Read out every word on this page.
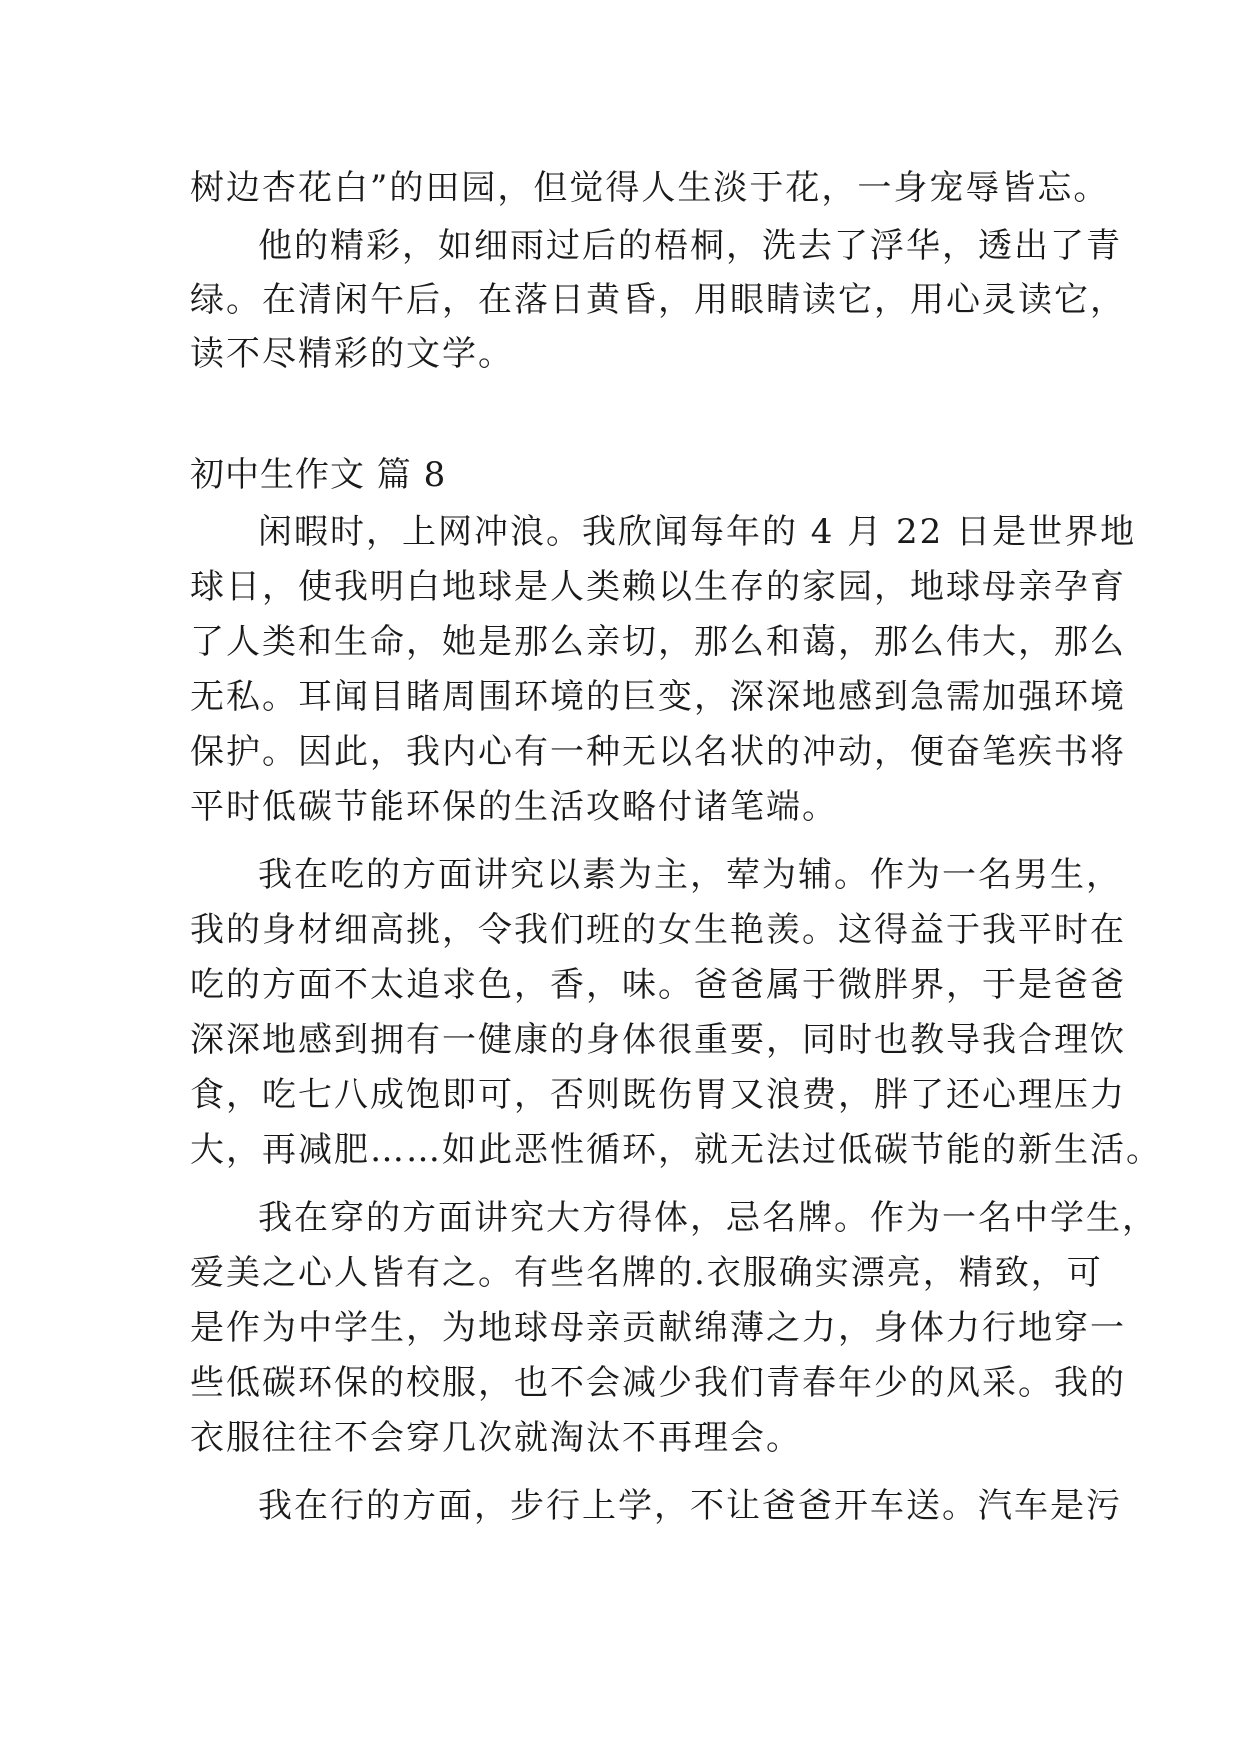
树边杏花白”的田园，但觉得人生淡于花，一身宠辱皆忘。
他的精彩，如细雨过后的梧桐，洗去了浮华，透出了青
绿。在清闲午后，在落日黄昏，用眼睛读它，用心灵读它，
读不尽精彩的文学。
初中生作文 篇 8
闲暇时，上网冲浪。我欣闻每年的 4 月 22 日是世界地
球日，使我明白地球是人类赖以生存的家园，地球母亲孕育
了人类和生命，她是那么亲切，那么和蔼，那么伟大，那么
无私。耳闻目睹周围环境的巨变，深深地感到急需加强环境
保护。因此，我内心有一种无以名状的冲动，便奋笔疾书将
平时低碳节能环保的生活攻略付诸笔端。
我在吃的方面讲究以素为主，荤为辅。作为一名男生，
我的身材细高挑，令我们班的女生艳羡。这得益于我平时在
吃的方面不太追求色，香，味。爸爸属于微胖界，于是爸爸
深深地感到拥有一健康的身体很重要，同时也教导我合理饮
食，吃七八成饱即可，否则既伤胃又浪费，胖了还心理压力
大，再减肥……如此恶性循环，就无法过低碳节能的新生活。
我在穿的方面讲究大方得体，忌名牌。作为一名中学生，
爱美之心人皆有之。有些名牌的.衣服确实漂亮，精致，可
是作为中学生，为地球母亲贡献绵薄之力，身体力行地穿一
些低碳环保的校服，也不会减少我们青春年少的风采。我的
衣服往往不会穿几次就淘汰不再理会。
我在行的方面，步行上学，不让爸爸开车送。汽车是污
